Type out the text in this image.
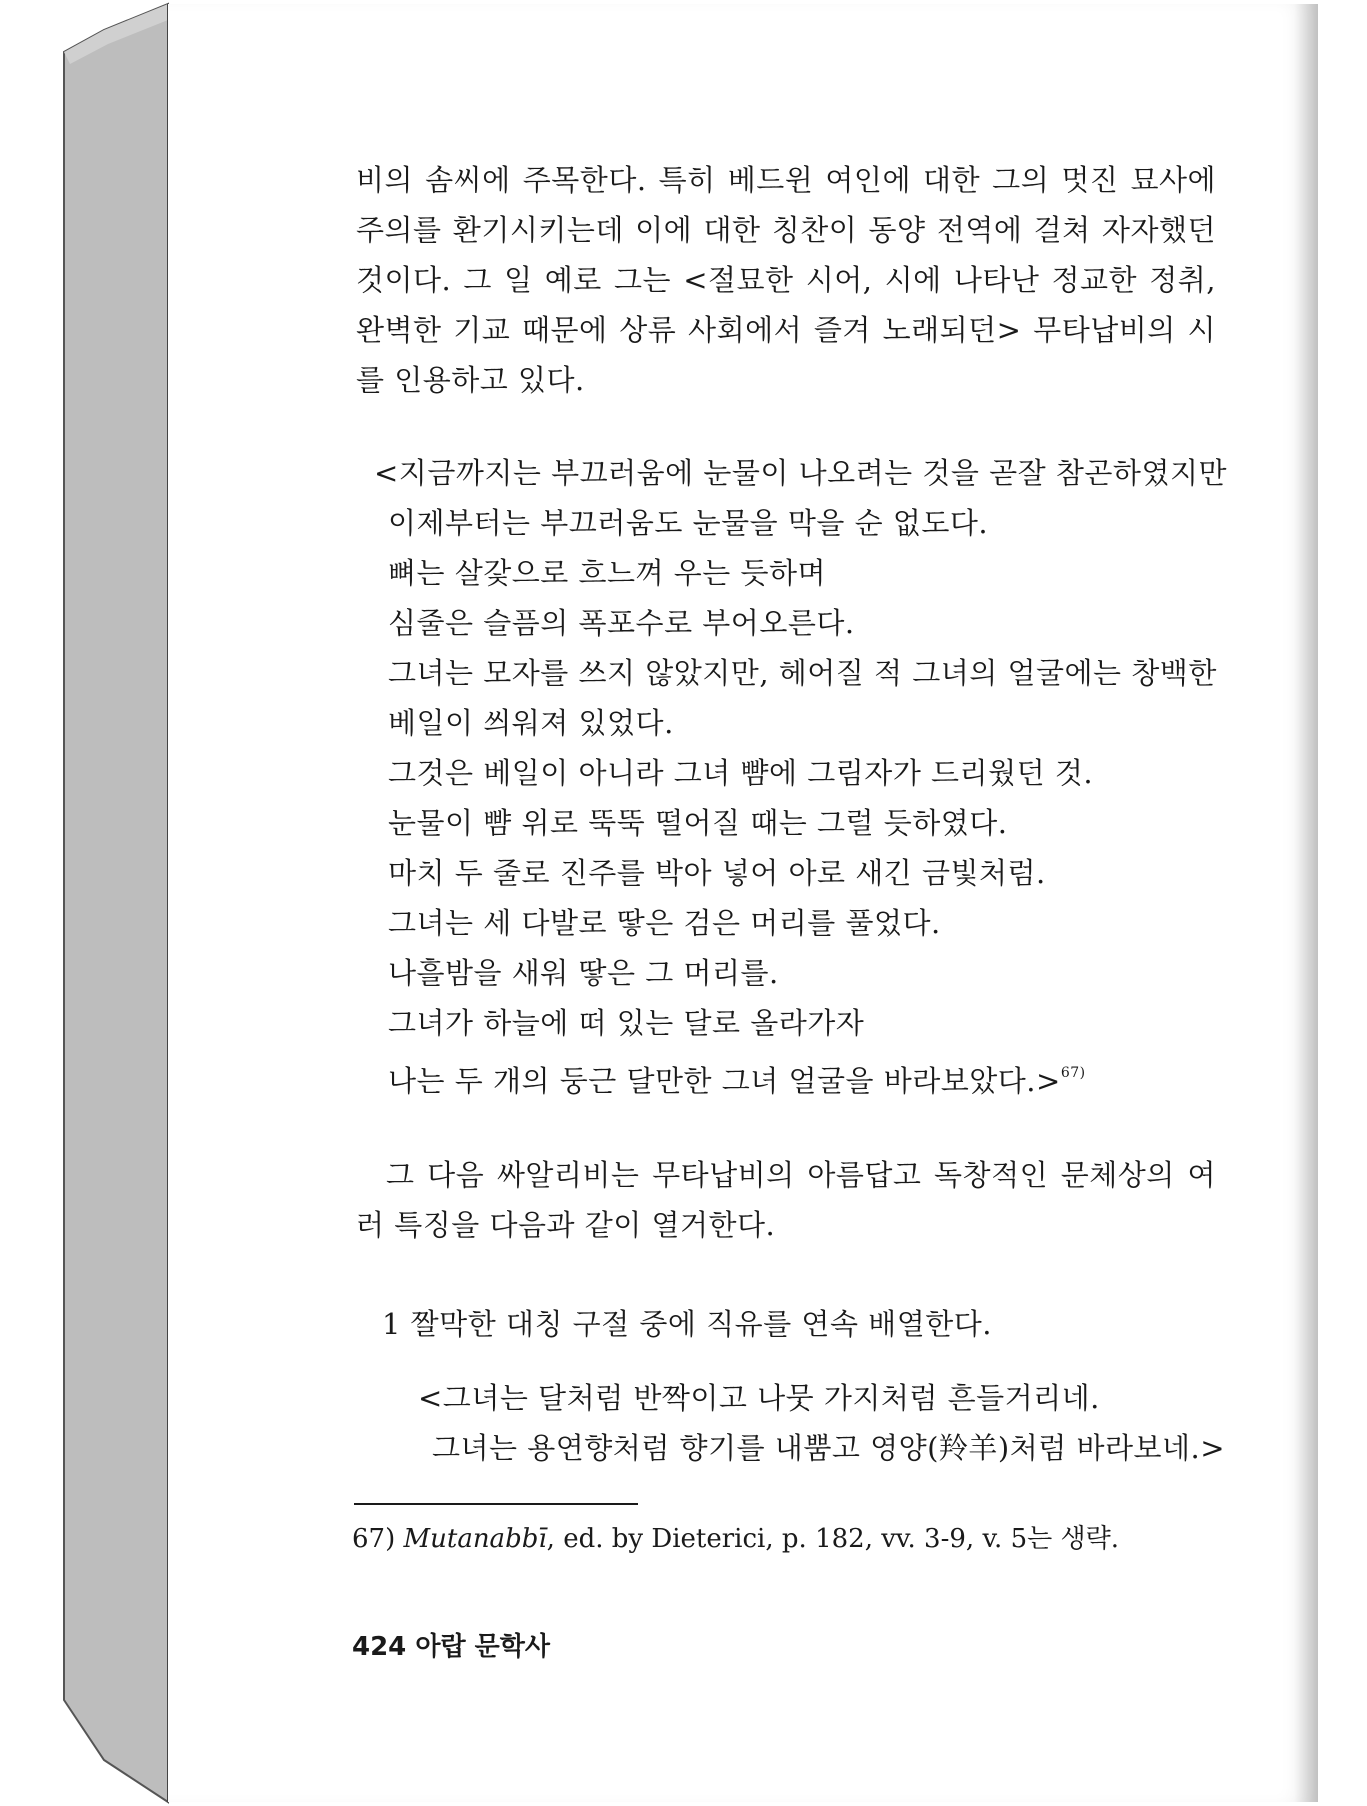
비의 솜씨에 주목한다. 특히 베드윈 여인에 대한 그의 멋진 묘사에
주의를 환기시키는데 이에 대한 칭찬이 동양 전역에 걸쳐 자자했던
것이다. 그 일 예로 그는 <절묘한 시어, 시에 나타난 정교한 정취,
완벽한 기교 때문에 상류 사회에서 즐겨 노래되던> 무타납비의 시
를 인용하고 있다.
<지금까지는 부끄러움에 눈물이 나오려는 것을 곧잘 참곤하였지만
이제부터는 부끄러움도 눈물을 막을 순 없도다.
뼈는 살갗으로 흐느껴 우는 듯하며
심줄은 슬픔의 폭포수로 부어오른다.
그녀는 모자를 쓰지 않았지만, 헤어질 적 그녀의 얼굴에는 창백한
베일이 씌워져 있었다.
그것은 베일이 아니라 그녀 뺨에 그림자가 드리웠던 것.
눈물이 뺨 위로 뚝뚝 떨어질 때는 그럴 듯하였다.
마치 두 줄로 진주를 박아 넣어 아로 새긴 금빛처럼.
그녀는 세 다발로 땋은 검은 머리를 풀었다.
나흘밤을 새워 땋은 그 머리를.
그녀가 하늘에 떠 있는 달로 올라가자
나는 두 개의 둥근 달만한 그녀 얼굴을 바라보았다.>$^{67)}$
그 다음 싸알리비는 무타납비의 아름답고 독창적인 문체상의 여
러 특징을 다음과 같이 열거한다.
1 짤막한 대칭 구절 중에 직유를 연속 배열한다.
<그녀는 달처럼 반짝이고 나뭇 가지처럼 흔들거리네.
그녀는 용연향처럼 향기를 내뿜고 영양(羚羊)처럼 바라보네.>
67) Mutanabbī, ed. by Dieterici, p. 182, vv. 3-9, v. 5는 생략.
424 아랍 문학사
